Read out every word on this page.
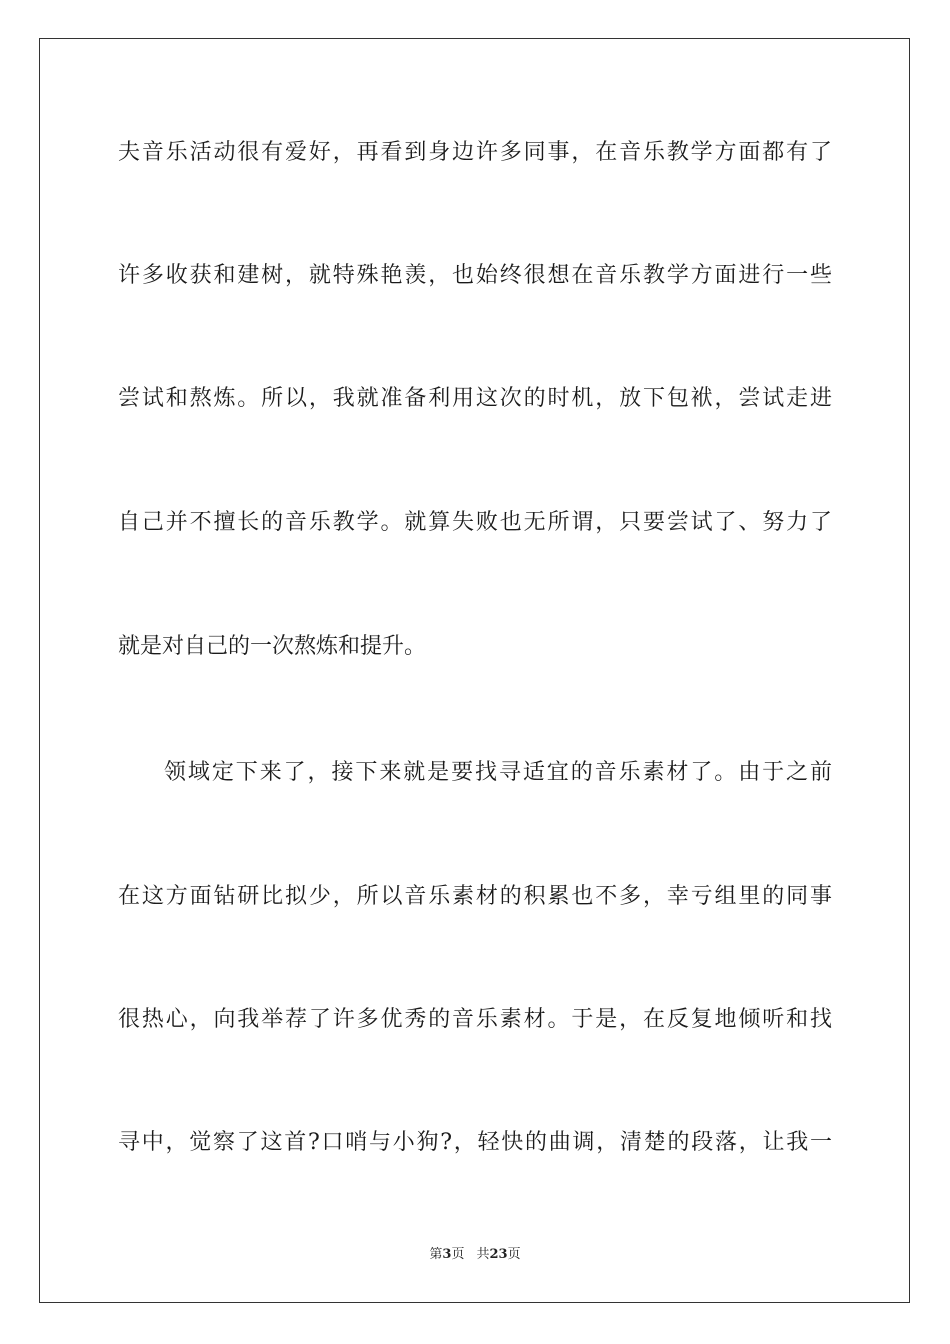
夫音乐活动很有爱好，再看到身边许多同事，在音乐教学方面都有了
许多收获和建树，就特殊艳羡，也始终很想在音乐教学方面进行一些
尝试和熬炼。所以，我就准备利用这次的时机，放下包袱，尝试走进
自己并不擅长的音乐教学。就算失败也无所谓，只要尝试了、努力了
就是对自己的一次熬炼和提升。
领域定下来了，接下来就是要找寻适宜的音乐素材了。由于之前
在这方面钻研比拟少，所以音乐素材的积累也不多，幸亏组里的同事
很热心，向我举荐了许多优秀的音乐素材。于是，在反复地倾听和找
寻中，觉察了这首?口哨与小狗?，轻快的曲调，清楚的段落，让我一
第3页 共23页
